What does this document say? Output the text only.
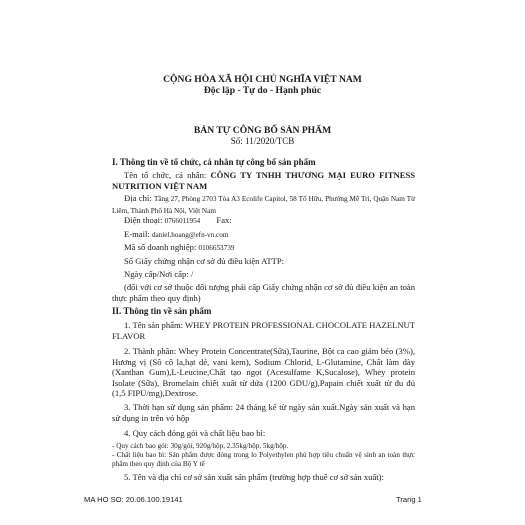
CỘNG HÒA XÃ HỘI CHỦ NGHĨA VIỆT NAM
Độc lập - Tự do - Hạnh phúc
BẢN TỰ CÔNG BỐ SẢN PHẨM
Số: 11/2020/TCB
I. Thông tin về tổ chức, cá nhân tự công bố sản phẩm
Tên tổ chức, cá nhân: CÔNG TY TNHH THƯƠNG MẠI EURO FITNESS NUTRITION VIỆT NAM
Địa chỉ: Tầng 27, Phòng 2703 Tòa A3 Ecolife Capitol, 58 Tố Hữu, Phường Mễ Trì, Quận Nam Từ Liêm, Thành Phố Hà Nội, Việt Nam
Điện thoại: 0766011954 Fax:
E-mail: daniel.hoang@efn-vn.com
Mã số doanh nghiệp: 0106653739
Số Giấy chứng nhận cơ sở đủ điều kiện ATTP:
Ngày cấp/Nơi cấp: /
(đối với cơ sở thuộc đối tượng phải cấp Giấy chứng nhận cơ sở đủ điều kiện an toàn thực phẩm theo quy định)
II. Thông tin về sản phẩm
1. Tên sản phẩm: WHEY PROTEIN PROFESSIONAL CHOCOLATE HAZELNUT FLAVOR
2. Thành phần: Whey Protein Concentrate(Sữa),Taurine, Bột ca cao giảm béo (3%), Hương vị (Sô cô la,hạt dẻ, vani kem), Sodium Chlorid, L-Glutamine, Chất làm dày (Xanthan Gum),L-Leucine,Chất tạo ngọt (Acesulfame K,Sucalose), Whey protein Isolate (Sữa), Bromelain chiết xuất từ dứa (1200 GDU/g),Papain chiết xuất từ đu đủ (1,5 FIPU/mg),Dextrose.
3. Thời hạn sử dụng sản phẩm: 24 tháng kể từ ngày sản xuất.Ngày sản xuất và hạn sử dụng in trên vỏ hộp
4. Quy cách đóng gói và chất liệu bao bì:
- Quy cách bao gói: 30g/gói, 920g/hộp, 2.35kg/hộp, 5kg/hộp.
- Chất liệu bao bì: Sản phẩm được đóng trong lo Polyethylen phù hợp tiêu chuẩn vệ sinh an toàn thực phẩm theo quy định của Bộ Y tế
5. Tên và địa chỉ cơ sở sản xuất sản phẩm (trường hợp thuê cơ sở sản xuất):
MA HO SO: 20.06.100.19141	Trang 1
